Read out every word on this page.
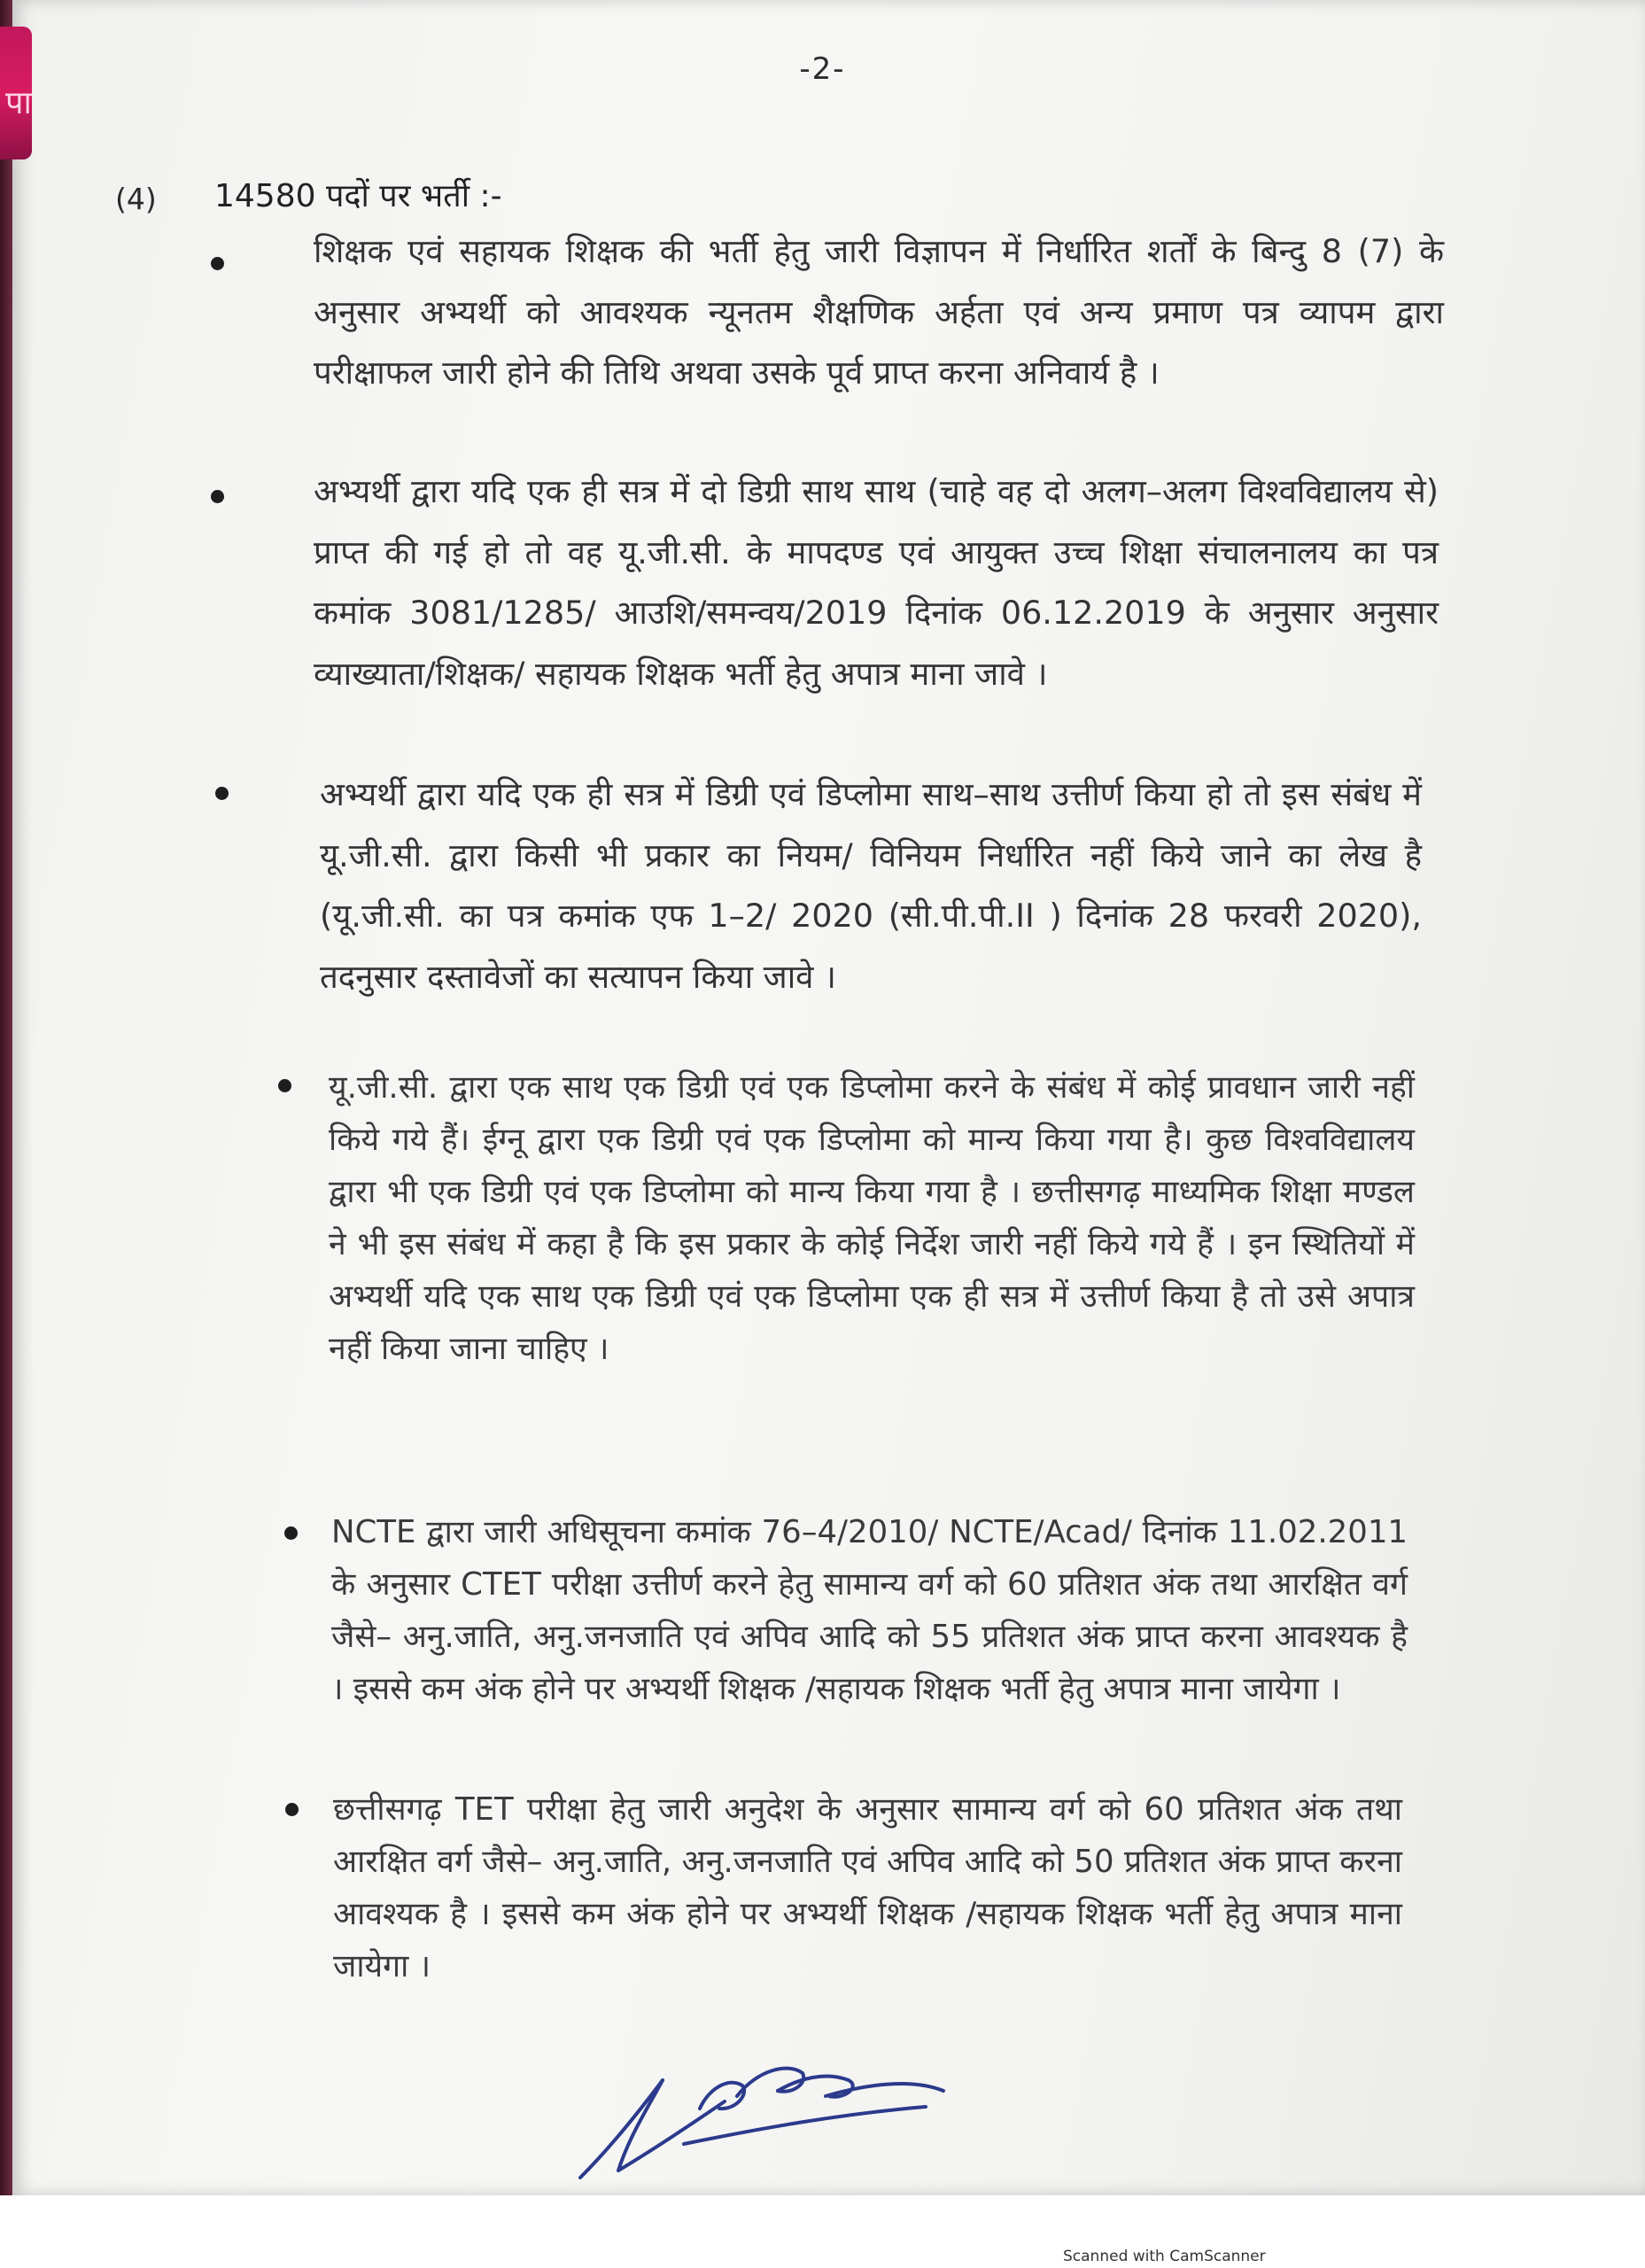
पा
-2-
(4) 14580 पदों पर भर्ती :-

शिक्षक एवं सहायक शिक्षक की भर्ती हेतु जारी विज्ञापन में निर्धारित शर्तों के बिन्दु 8 (7) के अनुसार अभ्यर्थी को आवश्यक न्यूनतम शैक्षणिक अर्हता एवं अन्य प्रमाण पत्र व्यापम द्वारा परीक्षाफल जारी होने की तिथि अथवा उसके पूर्व प्राप्त करना अनिवार्य है ।

अभ्यर्थी द्वारा यदि एक ही सत्र में दो डिग्री साथ साथ (चाहे वह दो अलग–अलग विश्वविद्यालय से) प्राप्त की गई हो तो वह यू.जी.सी. के मापदण्ड एवं आयुक्त उच्च शिक्षा संचालनालय का पत्र कमांक 3081/1285/ आउशि/समन्वय/2019 दिनांक 06.12.2019 के अनुसार अनुसार व्याख्याता/शिक्षक/ सहायक शिक्षक भर्ती हेतु अपात्र माना जावे ।

अभ्यर्थी द्वारा यदि एक ही सत्र में डिग्री एवं डिप्लोमा साथ–साथ उत्तीर्ण किया हो तो इस संबंध में यू.जी.सी. द्वारा किसी भी प्रकार का नियम/ विनियम निर्धारित नहीं किये जाने का लेख है (यू.जी.सी. का पत्र कमांक एफ 1–2/ 2020 (सी.पी.पी.II ) दिनांक 28 फरवरी 2020), तदनुसार दस्तावेजों का सत्यापन किया जावे ।

यू.जी.सी. द्वारा एक साथ एक डिग्री एवं एक डिप्लोमा करने के संबंध में कोई प्रावधान जारी नहीं किये गये हैं। ईग्नू द्वारा एक डिग्री एवं एक डिप्लोमा को मान्य किया गया है। कुछ विश्वविद्यालय द्वारा भी एक डिग्री एवं एक डिप्लोमा को मान्य किया गया है । छत्तीसगढ़ माध्यमिक शिक्षा मण्डल ने भी इस संबंध में कहा है कि इस प्रकार के कोई निर्देश जारी नहीं किये गये हैं । इन स्थितियों में अभ्यर्थी यदि एक साथ एक डिग्री एवं एक डिप्लोमा एक ही सत्र में उत्तीर्ण किया है तो उसे अपात्र नहीं किया जाना चाहिए ।

NCTE द्वारा जारी अधिसूचना कमांक 76–4/2010/ NCTE/Acad/ दिनांक 11.02.2011 के अनुसार CTET परीक्षा उत्तीर्ण करने हेतु सामान्य वर्ग को 60 प्रतिशत अंक तथा आरक्षित वर्ग जैसे– अनु.जाति, अनु.जनजाति एवं अपिव आदि को 55 प्रतिशत अंक प्राप्त करना आवश्यक है । इससे कम अंक होने पर अभ्यर्थी शिक्षक /सहायक शिक्षक भर्ती हेतु अपात्र माना जायेगा ।

छत्तीसगढ़ TET परीक्षा हेतु जारी अनुदेश के अनुसार सामान्य वर्ग को 60 प्रतिशत अंक तथा आरक्षित वर्ग जैसे– अनु.जाति, अनु.जनजाति एवं अपिव आदि को 50 प्रतिशत अंक प्राप्त करना आवश्यक है । इससे कम अंक होने पर अभ्यर्थी शिक्षक /सहायक शिक्षक भर्ती हेतु अपात्र माना जायेगा ।

Scanned with CamScanner
